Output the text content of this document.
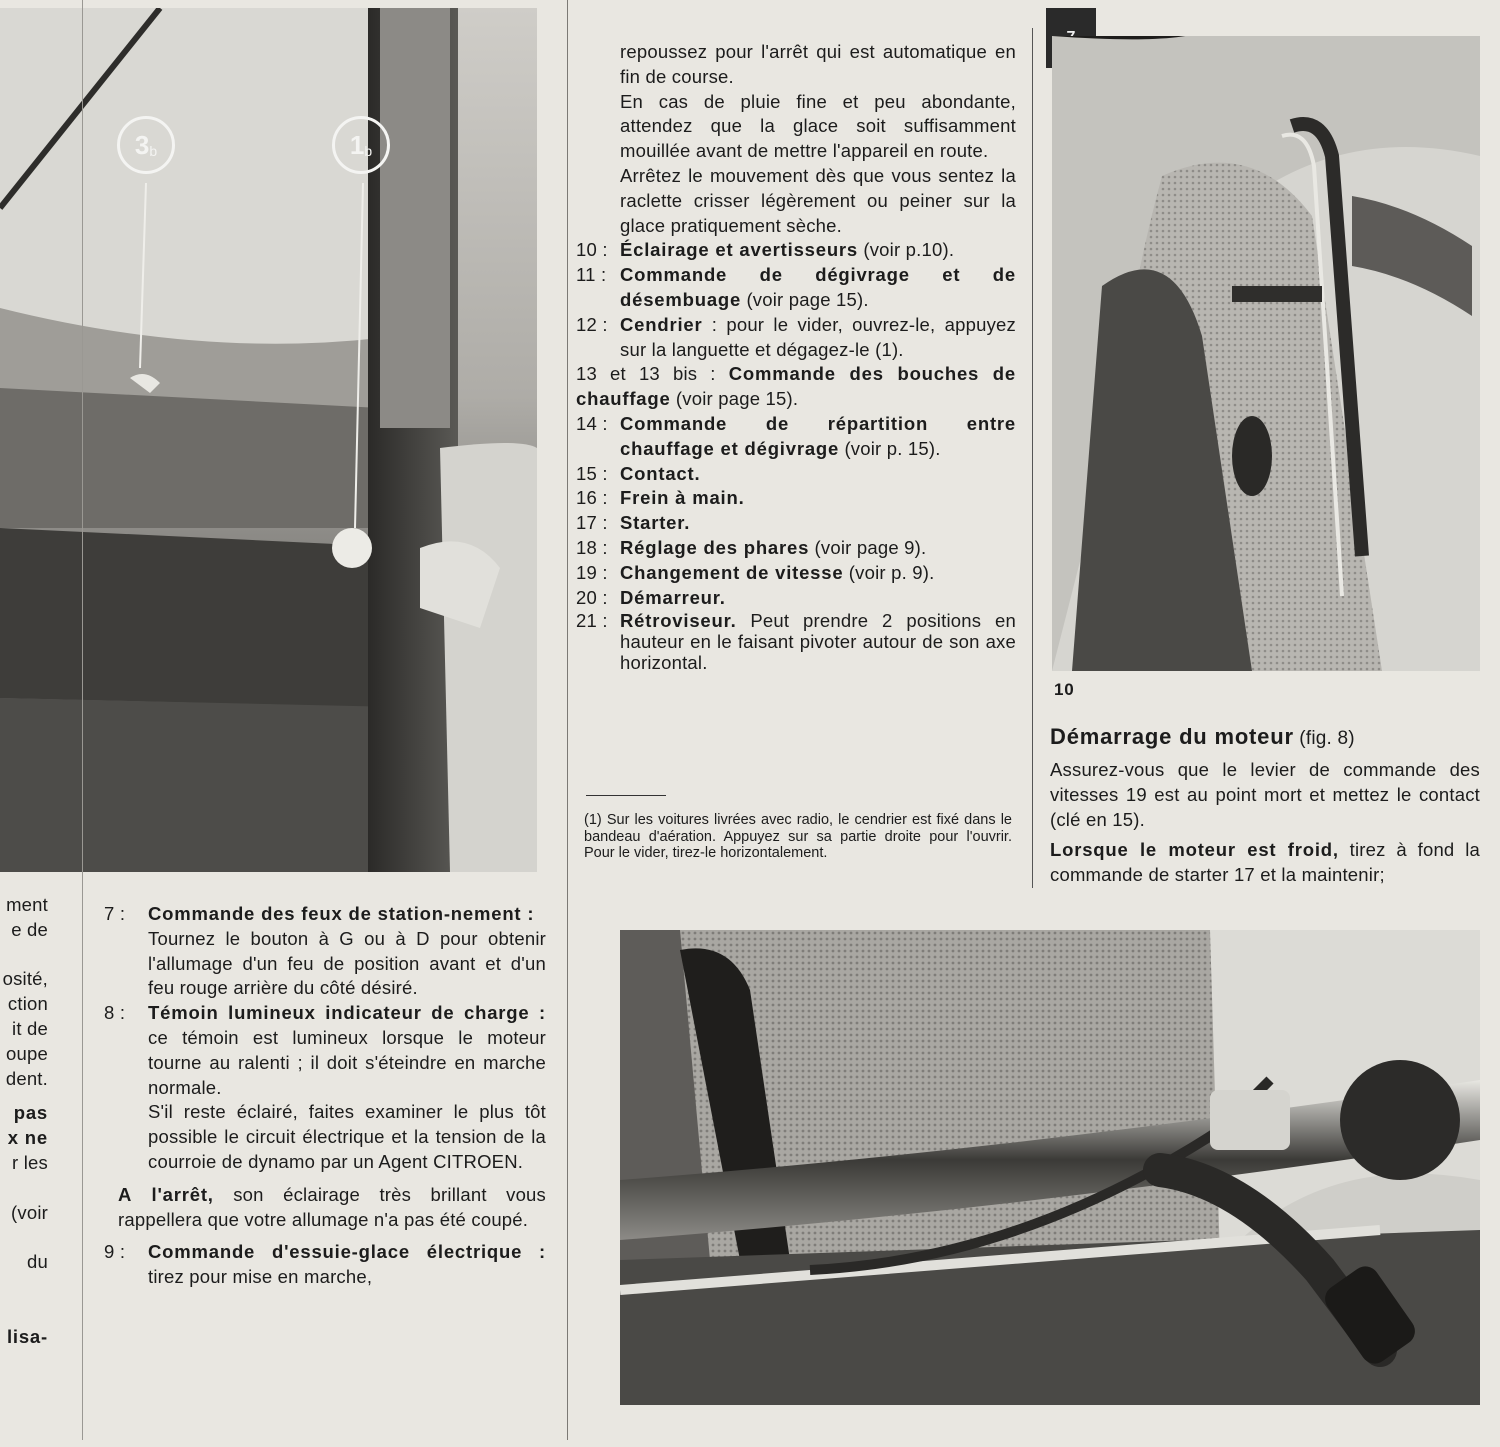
$3_b$	$1_b$

ment

e de

osité,

ction

it de

oupe

dent.

pas

x ne

r les

(voir

du

lisa-

7 : Commande des feux de station-nement :

Tournez le bouton à G ou à D pour obtenir l'allumage d'un feu de position avant et d'un feu rouge arrière du côté désiré.

8 : Témoin lumineux indicateur de charge : ce témoin est lumineux lorsque le moteur tourne au ralenti ; il doit s'éteindre en marche normale.

S'il reste éclairé, faites examiner le plus tôt possible le circuit électrique et la tension de la courroie de dynamo par un Agent CITROEN.

A l'arrêt, son éclairage très brillant vous rappellera que votre allumage n'a pas été coupé.

9 : Commande d'essuie-glace électrique : tirez pour mise en marche,

repoussez pour l'arrêt qui est automatique en fin de course.

En cas de pluie fine et peu abondante, attendez que la glace soit suffisamment mouillée avant de mettre l'appareil en route.

Arrêtez le mouvement dès que vous sentez la raclette crisser légèrement ou peiner sur la glace pratiquement sèche.

10 : Éclairage et avertisseurs (voir p.10).
11 : Commande de dégivrage et de désembuage (voir page 15).
12 : Cendrier : pour le vider, ouvrez-le, appuyez sur la languette et dégagez-le (1).
13 et 13 bis : Commande des bouches de chauffage (voir page 15).
14 : Commande de répartition entre chauffage et dégivrage (voir p. 15).
15 : Contact.
16 : Frein à main.
17 : Starter.
18 : Réglage des phares (voir page 9).
19 : Changement de vitesse (voir p. 9).
20 : Démarreur.
21 : Rétroviseur. Peut prendre 2 positions en hauteur en le faisant pivoter autour de son axe horizontal.
(1) Sur les voitures livrées avec radio, le cendrier est fixé dans le bandeau d'aération. Appuyez sur sa partie droite pour l'ouvrir. Pour le vider, tirez-le horizontalement.
10

Démarrage du moteur (fig. 8)

Assurez-vous que le levier de commande des vitesses 19 est au point mort et mettez le contact (clé en 15).

Lorsque le moteur est froid, tirez à fond la commande de starter 17 et la maintenir;
